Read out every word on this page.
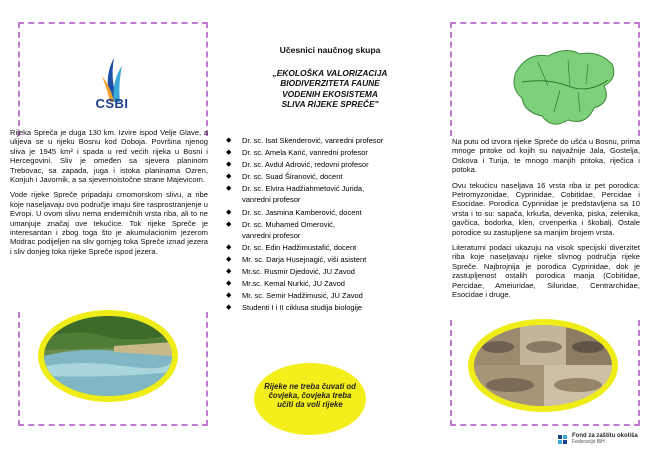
CSBI

Rijeka Spreča je duga 130 km. Izvire ispod Velje Glave, a ulijeva se u rijeku Bosnu kod Doboja. Površina njenog sliva je 1945 km² i spada u red većih rijeka u Bosni i Hercegovini. Sliv je omeđen sa sjevera planinom Trebovac, sa zapada, juga i istoka planinama Ozren, Konjuh i Javornik, a sa sjevernoistočne strane Majevicom.

Vode rijeke Spreče pripadaju crnomorskom slivu, a ribe koje naseljavaju ovo područje imaju šire rasprostranjenje u Evropi. U ovom slivu nema endemičnih vrsta riba, ali to ne umanjuje značaj ove tekućice. Tok rijeke Spreče je interesantan i zbog toga što je akumulacionim jezerom Modrac podijeljen na sliv gornjeg toka Spreče iznad jezera i sliv donjeg toka rijeke Spreče ispod jezera.

Učesnici naučnog skupa
„EKOLOŠKA VALORIZACIJA
BIODIVERZITETA FAUNE
VODENIH EKOSISTEMA
SLIVA RIJEKE SPREČE"
◆ Dr. sc. Isat Skenderović, vanredni profesor
◆ Dr. sc. Amela Karić, vanredni profesor
◆ Dr. sc. Avdul Adrović, redovni profesor
◆ Dr. sc. Suad Širanović, docent
◆ Dr. sc. Elvira Hadžiahmetović Jurida,
vanredni profesor
◆ Dr. sc. Jasmina Kamberović, docent
◆ Dr. sc. Muhamed Omerović,
vanredni profesor
◆ Dr. sc. Edin Hadžimustafić, docent
◆ Mr. sc. Darja Husejnagić, viši asistent
◆ Mr.sc. Rusmir Djedović, JU Zavod
◆ Mr.sc. Kemal Nurkić, JU Zavod
◆ Mr. sc. Semir Hadžimusić, JU Zavod
◆ Studenti I i II ciklusa studija biologije
Rijeke ne treba čuvati od čovjeka, čovjeka treba učiti da voli rijeke

Na putu od izvora rijeke Spreče do ušća u Bosnu, prima mnoge pritoke od kojih su najvažnije Jala, Gostelja, Oskova i Turija, te mnogo manjih pritoka, riječica i potoka.

Ovu tekućicu naseljava 16 vrsta riba iz pet porodica: Petromyzonidae, Cyprinidae, Cobitidae, Percidae i Esocidae. Porodica Cyprinidae je predstavljena sa 10 vrsta i to su: sapača, krkuša, deverika, piska, zelenika, gavčica, bodorka, klen, crvenperka i škobalj. Ostale porodice su zastupljene sa manjim brojem vrsta.

Literaturni podaci ukazuju na visok specijski diverzitet riba koje naseljavaju rijeke slivnog područja rijeke Spreče. Najbrojnija je porodica Cyprinidae, dok je zastupljenost ostalih porodica manja (Cobitidae, Percidae, Ameiuridae, Siluridae, Centrarchidae, Esocidae i druge.

Fond za zaštitu okoliša
Federacije BiH
